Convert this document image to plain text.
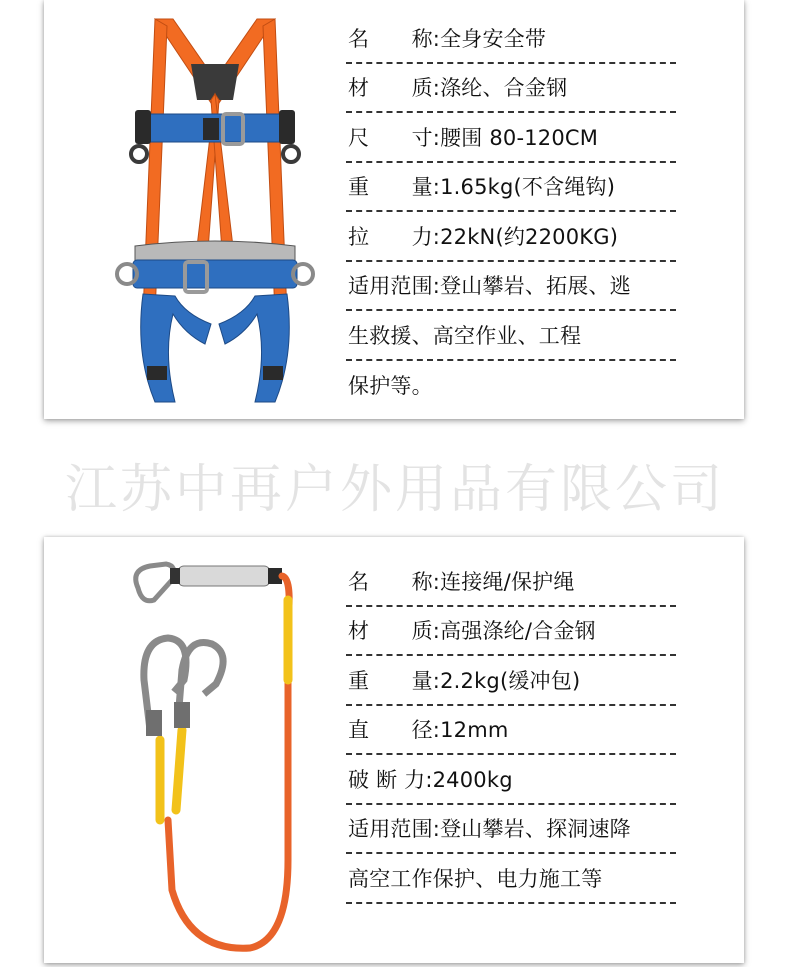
名　　称:全身安全带
材　　质:涤纶、合金钢
尺　　寸:腰围 80-120CM
重　　量:1.65kg(不含绳钩)
拉　　力:22kN(约2200KG)
适用范围:登山攀岩、拓展、逃
生救援、高空作业、工程
保护等。
江苏中再户外用品有限公司
名　　称:连接绳/保护绳
材　　质:高强涤纶/合金钢
重　　量:2.2kg(缓冲包)
直　　径:12mm
破 断 力:2400kg
适用范围:登山攀岩、探洞速降
高空工作保护、电力施工等
